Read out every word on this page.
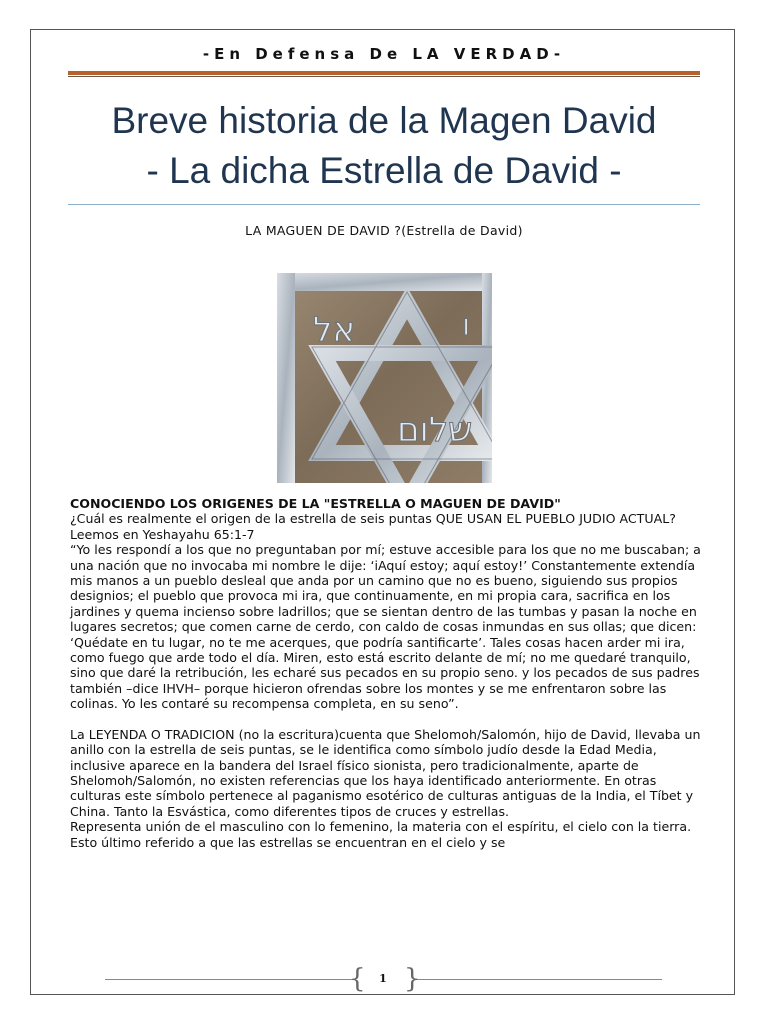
-En Defensa De LA VERDAD-
Breve historia de la Magen David
- La dicha Estrella de David -
LA MAGUEN DE DAVID ?(Estrella de David)
אל
שלום
ו

CONOCIENDO LOS ORIGENES DE LA "ESTRELLA O MAGUEN DE DAVID"

¿Cuál es realmente el origen de la estrella de seis puntas QUE USAN EL PUEBLO JUDIO ACTUAL?

Leemos en Yeshayahu 65:1-7

“Yo les respondí a los que no preguntaban por mí; estuve accesible para los que no me buscaban; a una nación que no invocaba mi nombre le dije: ‘iAquí estoy; aquí estoy!’ Constantemente extendía mis manos a un pueblo desleal que anda por un camino que no es bueno, siguiendo sus propios designios; el pueblo que provoca mi ira, que continuamente, en mi propia cara, sacrifica en los jardines y quema incienso sobre ladrillos; que se sientan dentro de las tumbas y pasan la noche en lugares secretos; que comen carne de cerdo, con caldo de cosas inmundas en sus ollas; que dicen: ‘Quédate en tu lugar, no te me acerques, que podría santificarte’. Tales cosas hacen arder mi ira, como fuego que arde todo el día. Miren, esto está escrito delante de mí; no me quedaré tranquilo, sino que daré la retribución, les echaré sus pecados en su propio seno. y los pecados de sus padres también –dice IHVH– porque hicieron ofrendas sobre los montes y se me enfrentaron sobre las colinas. Yo les contaré su recompensa completa, en su seno”.

La LEYENDA O TRADICION (no la escritura)cuenta que Shelomoh/Salomón, hijo de David, llevaba un anillo con la estrella de seis puntas, se le identifica como símbolo judío desde la Edad Media, inclusive aparece en la bandera del Israel físico sionista, pero tradicionalmente, aparte de Shelomoh/Salomón, no existen referencias que los haya identificado anteriormente. En otras culturas este símbolo pertenece al paganismo esotérico de culturas antiguas de la India, el Tíbet y China. Tanto la Esvástica, como diferentes tipos de cruces y estrellas.

Representa unión de el masculino con lo femenino, la materia con el espíritu, el cielo con la tierra. Esto último referido a que las estrellas se encuentran en el cielo y se

{ }
1
